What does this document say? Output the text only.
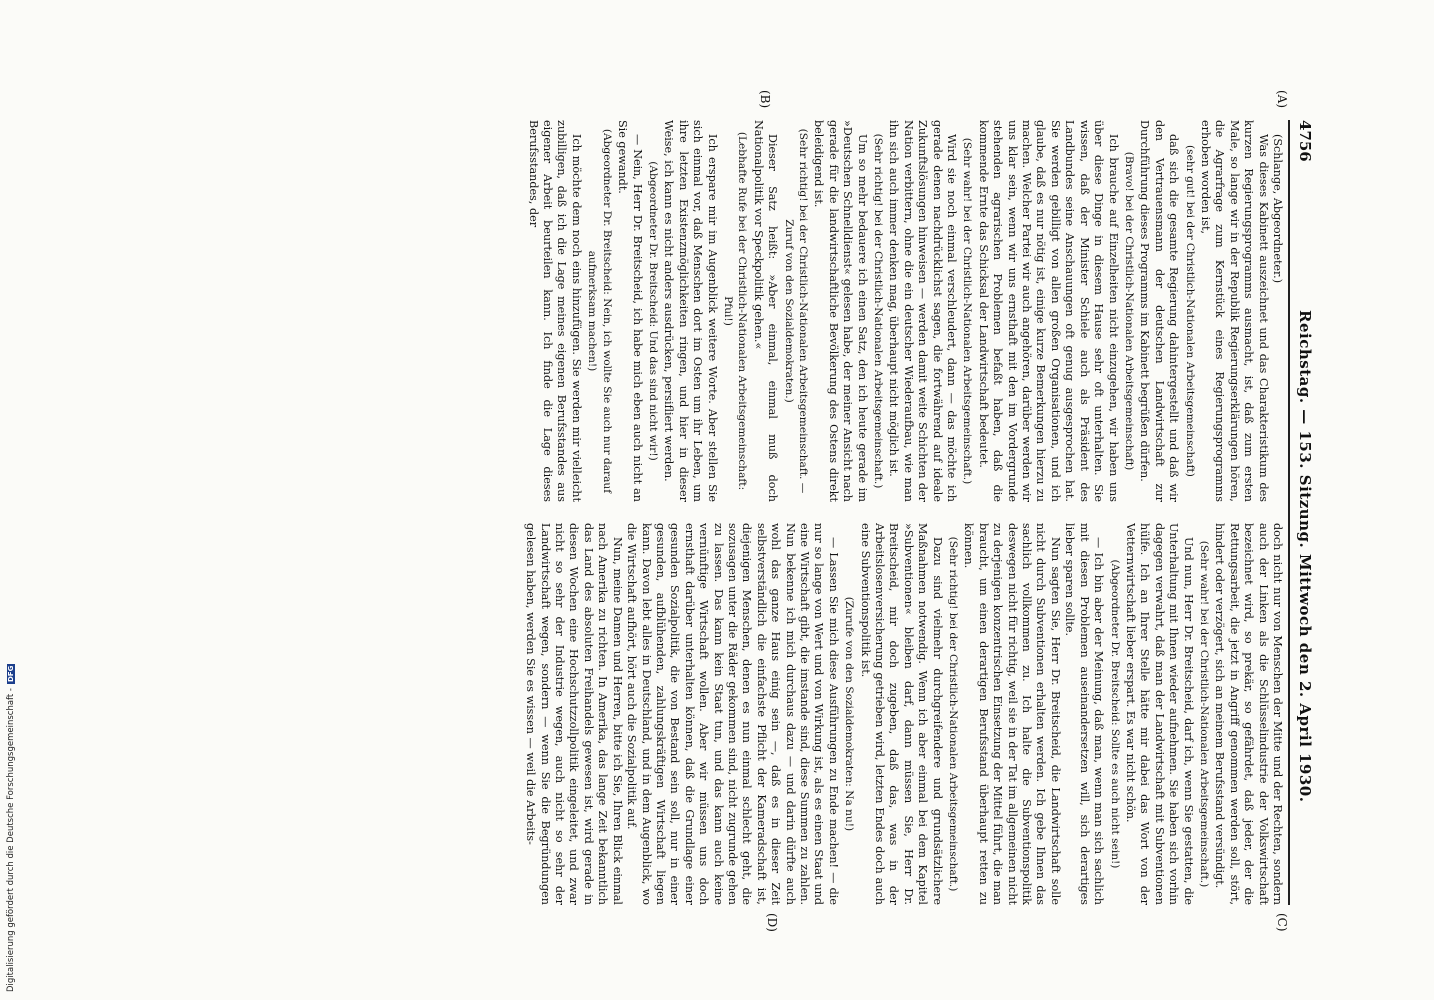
4756
Reichstag. — 153. Sitzung. Mittwoch den 2. April 1930.
(A)
(B)
(C)
(D)

(Schlange, Abgeordneter.)

Was dieses Kabinett auszeichnet und das Charakteristikum des kurzen Regierungsprogramms ausmacht, ist, daß zum ersten Male, so lange wir in der Republik Regierungserklärungen hören, die Agrarfrage zum Kernstück eines Regierungsprogramms erhoben worden ist,

(sehr gut! bei der Christlich-Nationalen Arbeitsgemeinschaft)

daß sich die gesamte Regierung dahintergestellt und daß wir den Vertrauensmann der deutschen Landwirtschaft zur Durchführung dieses Programms im Kabinett begrüßen dürfen.

(Bravo! bei der Christlich-Nationalen Arbeitsgemeinschaft)

Ich brauche auf Einzelheiten nicht einzugehen, wir haben uns über diese Dinge in diesem Hause sehr oft unterhalten. Sie wissen, daß der Minister Schiele auch als Präsident des Landbundes seine Anschauungen oft genug ausgesprochen hat. Sie werden gebilligt von allen großen Organisationen, und ich glaube, daß es nur nötig ist, einige kurze Bemerkungen hierzu zu machen. Welcher Partei wir auch angehören, darüber werden wir uns klar sein, wenn wir uns ernsthaft mit den im Vordergrunde stehenden agrarischen Problemen befaßt haben, daß die kommende Ernte das Schicksal der Landwirtschaft bedeutet.

(Sehr wahr! bei der Christlich-Nationalen Arbeitsgemeinschaft.)

Wird sie noch einmal verschleudert, dann — das möchte ich gerade denen nachdrücklichst sagen, die fortwährend auf ideale Zukunftslösungen hinweisen — werden damit weite Schichten der Nation verbittern, ohne die ein deutscher Wiederaufbau, wie man ihn sich auch immer denken mag, überhaupt nicht möglich ist.

(Sehr richtig! bei der Christlich-Nationalen Arbeitsgemeinschaft.)

Um so mehr bedauere ich einen Satz, den ich heute gerade im »Deutschen Schnelldienst« gelesen habe, der meiner Ansicht nach gerade für die landwirtschaftliche Bevölkerung des Ostens direkt beleidigend ist.

(Sehr richtig! bei der Christlich-Nationalen Arbeitsgemeinschaft. — Zuruf von den Sozialdemokraten.)

Dieser Satz heißt: »Aber einmal, einmal muß doch Nationalpolitik vor Speckpolitik gehen.«

(Lebhafte Rufe bei der Christlich-Nationalen Arbeitsgemeinschaft: Pfui!)

Ich erspare mir im Augenblick weitere Worte. Aber stellen Sie sich einmal vor, daß Menschen dort im Osten um ihr Leben, um ihre letzten Existenzmöglichkeiten ringen, und hier in dieser Weise, ich kann es nicht anders ausdrücken, persifliert werden.

(Abgeordneter Dr. Breitscheid: Und das sind nicht wir!)

— Nein, Herr Dr. Breitscheid, ich habe mich eben auch nicht an Sie gewandt.

(Abgeordneter Dr. Breitscheid: Nein, ich wollte Sie auch nur darauf aufmerksam machen!)

Ich möchte dem noch eins hinzufügen. Sie werden mir vielleicht zubilligen, daß ich die Lage meines eigenen Berufsstandes aus eigener Arbeit beurteilen kann. Ich finde die Lage dieses Berufsstandes, der

doch nicht nur von Menschen der Mitte und der Rechten, sondern auch der Linken als die Schlüsselindustrie der Volkswirtschaft bezeichnet wird, so prekär, so gefährdet, daß jeder, der die Rettungsarbeit, die jetzt in Angriff genommen werden soll, stört, hindert oder verzögert, sich an meinem Berufsstand versündigt.

(Sehr wahr! bei der Christlich-Nationalen Arbeitsgemeinschaft.)

Und nun, Herr Dr. Breitscheid, darf ich, wenn Sie gestatten, die Unterhaltung mit Ihnen wieder aufnehmen. Sie haben sich vorhin dagegen verwahrt, daß man der Landwirtschaft mit Subventionen hülfe. Ich an Ihrer Stelle hätte mir dabei das Wort von der Vetternwirtschaft lieber erspart. Es war nicht schön.

(Abgeordneter Dr. Breitscheid: Sollte es auch nicht sein!)

— Ich bin aber der Meinung, daß man, wenn man sich sachlich mit diesen Problemen auseinandersetzen will, sich derartiges lieber sparen sollte.

Nun sagten Sie, Herr Dr. Breitscheid, die Landwirtschaft solle nicht durch Subventionen erhalten werden. Ich gebe Ihnen das sachlich vollkommen zu. Ich halte die Subventionspolitik deswegen nicht für richtig, weil sie in der Tat im allgemeinen nicht zu derjenigen konzentrischen Einsetzung der Mittel führt, die man braucht, um einen derartigen Berufsstand überhaupt retten zu können.

(Sehr richtig! bei der Christlich-Nationalen Arbeitsgemeinschaft.)

Dazu sind vielmehr durchgreifendere und grundsätzlichere Maßnahmen notwendig. Wenn ich aber einmal bei dem Kapitel »Subventionen« bleiben darf, dann müssen Sie, Herr Dr. Breitscheid, mir doch zugeben, daß das, was in der Arbeitslosenversicherung getrieben wird, letzten Endes doch auch eine Subventionspolitik ist.

(Zurufe von den Sozialdemokraten: Na nu!)

— Lassen Sie mich diese Ausführungen zu Ende machen! — die nur so lange von Wert und von Wirkung ist, als es einen Staat und eine Wirtschaft gibt, die imstande sind, diese Summen zu zahlen. Nun bekenne ich mich durchaus dazu — und darin dürfte auch wohl das ganze Haus einig sein —, daß es in dieser Zeit selbstverständlich die einfachste Pflicht der Kameradschaft ist, diejenigen Menschen, denen es nun einmal schlecht geht, die sozusagen unter die Räder gekommen sind, nicht zugrunde gehen zu lassen. Das kann kein Staat tun, und das kann auch keine vernünftige Wirtschaft wollen. Aber wir müssen uns doch ernsthaft darüber unterhalten können, daß die Grundlage einer gesunden Sozialpolitik, die von Bestand sein soll, nur in einer gesunden, aufblühenden, zahlungskräftigen Wirtschaft liegen kann. Davon lebt alles in Deutschland, und in dem Augenblick, wo die Wirtschaft aufhört, hört auch die Sozialpolitik auf.

Nun, meine Damen und Herren, bitte ich Sie, Ihren Blick einmal nach Amerika zu richten. In Amerika, das lange Zeit bekanntlich das Land des absoluten Freihandels gewesen ist, wird gerade in diesen Wochen eine Hochschutzzollpolitik eingeleitet, und zwar nicht so sehr der Industrie wegen, auch nicht so sehr der Landwirtschaft wegen, sondern — wenn Sie die Begründungen gelesen haben, werden Sie es wissen — weil die Arbeits-

Digitalisierung gefördert durch die Deutsche Forschungsgemeinschaft -DFG
